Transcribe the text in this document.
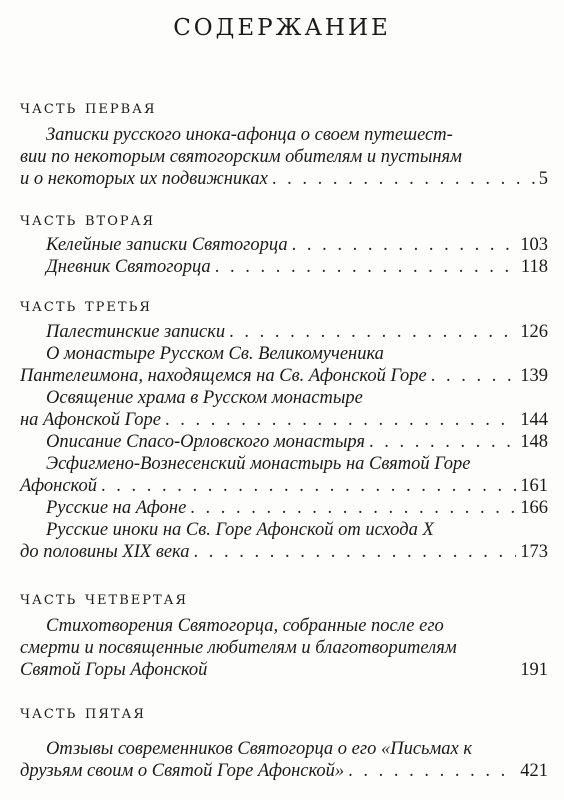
содержание
часть первая
Записки русского инока-афонца о своем путешест-
вии по некоторым святогорским обителям и пустыням
и о некоторых их подвижниках . . .	5
часть вторая
Келейные записки Святогорца . . .	103
Дневник Святогорца . . .	118
часть третья
Палестинские записки . . .	126
О монастыре Русском Св. Великомученика
Пантелеимона, находящемся на Св. Афонской Горе . . .	139
Освящение храма в Русском монастыре
на Афонской Горе . . .	144
Описание Спасо-Орловского монастыря . . .	148
Эсфигмено-Вознесенский монастырь на Святой Горе
Афонской . . .	161
Русские на Афоне . . .	166
Русские иноки на Св. Горе Афонской от исхода X
до половины XIX века . . .	173
часть четвертая
Стихотворения Святогорца, собранные после его
смерти и посвященные любителям и благотворителям
Святой Горы Афонской	191
часть пятая
Отзывы современников Святогорца о его «Письмах к
друзьям своим о Святой Горе Афонской» . . .	421
